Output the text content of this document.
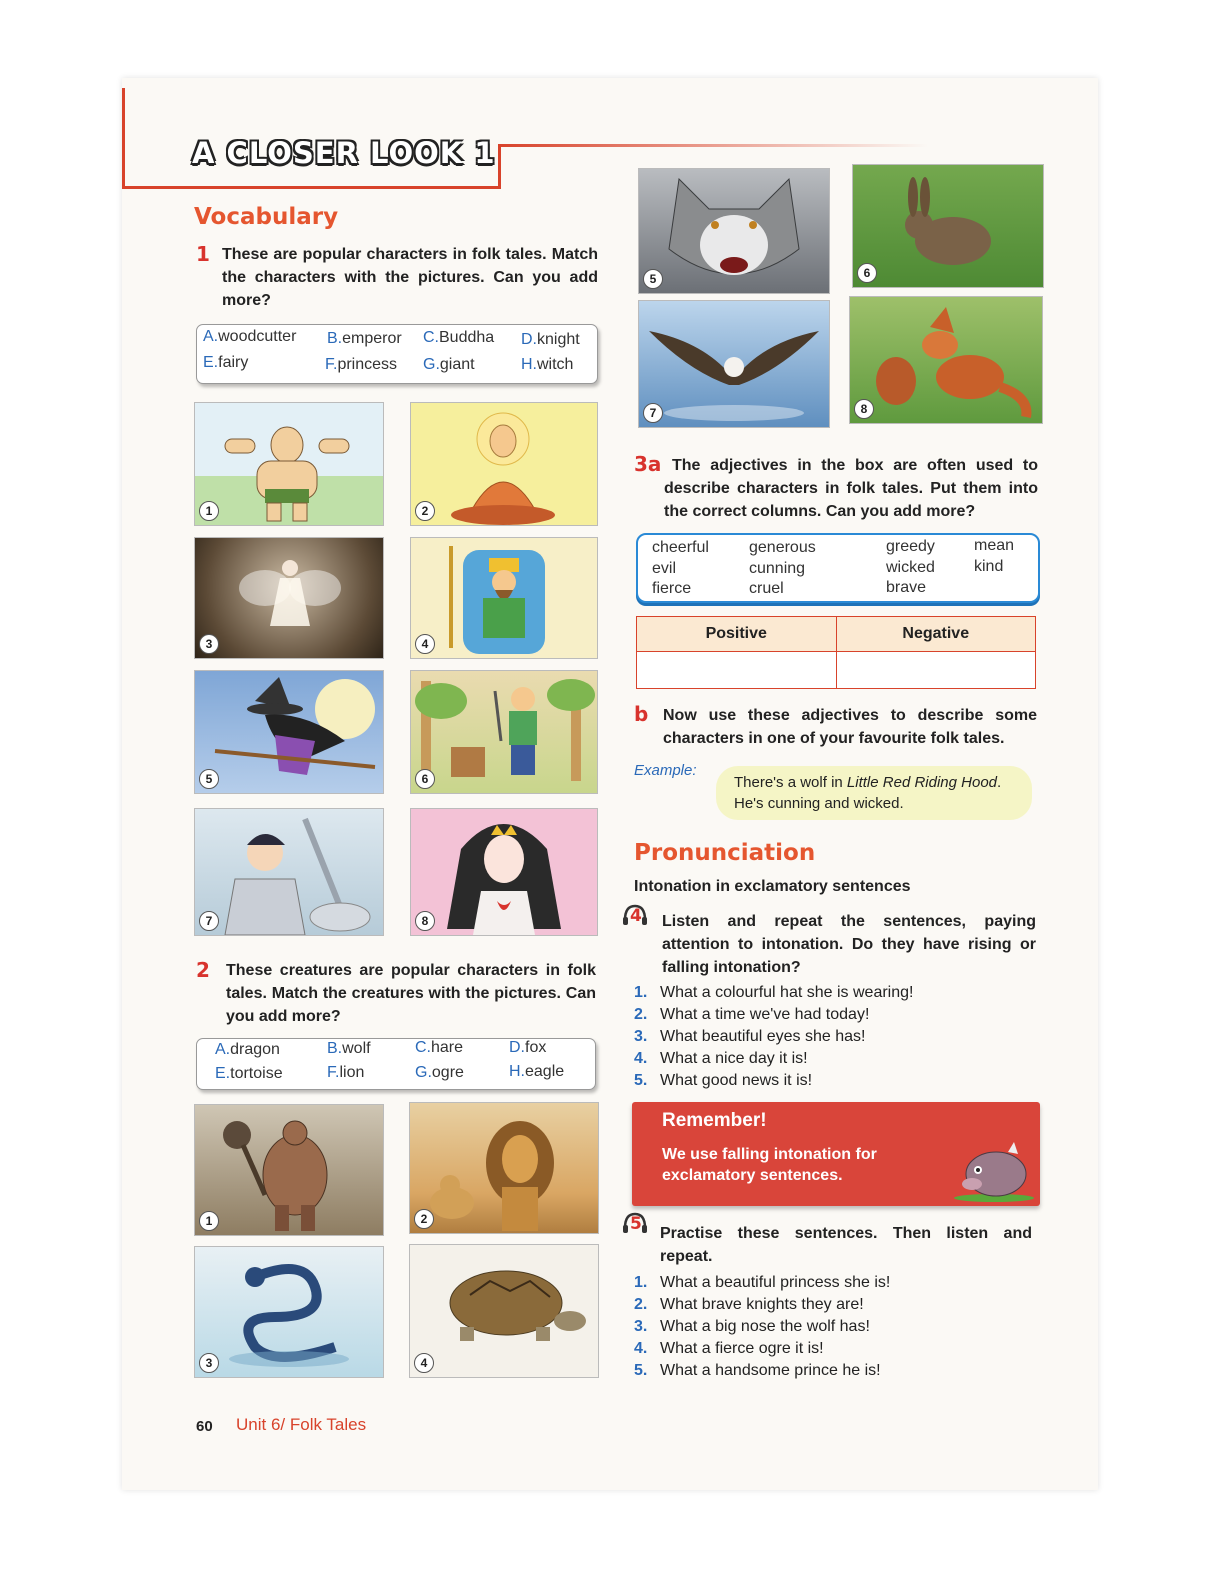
A CLOSER LOOK 1
Vocabulary
1 These are popular characters in folk tales. Match the characters with the pictures. Can you add more?
A.woodcutter B.emperor C.Buddha D.knight
E.fairy	F.princess G.giant	H.witch
1	2
3	4
5	6
7	8
2 These creatures are popular characters in folk tales. Match the creatures with the pictures. Can you add more?
A.dragon	B.wolf	C.hare	D.fox
E.tortoise	F.lion	G.ogre	H.eagle
1	2
3	4
5	6
7	8
3a The adjectives in the box are often used to describe characters in folk tales. Put them into the correct columns. Can you add more?
cheerful	generous	greedy mean
evil	cunning	wicked kind
fierce	cruel	brave
Positive	Negative

b Now use these adjectives to describe some characters in one of your favourite folk tales.
Example:
There's a wolf in Little Red Riding Hood. He's cunning and wicked.
Pronunciation
Intonation in exclamatory sentences
4 Listen and repeat the sentences, paying attention to intonation. Do they have rising or falling intonation?
1. What a colourful hat she is wearing!
2. What a time we've had today!
3. What beautiful eyes she has!
4. What a nice day it is!
5. What good news it is!
Remember!
We use falling intonation for exclamatory sentences.
5 Practise these sentences. Then listen and repeat.
1. What a beautiful princess she is!
2. What brave knights they are!
3. What a big nose the wolf has!
4. What a fierce ogre it is!
5. What a handsome prince he is!
60 Unit 6/ Folk Tales
